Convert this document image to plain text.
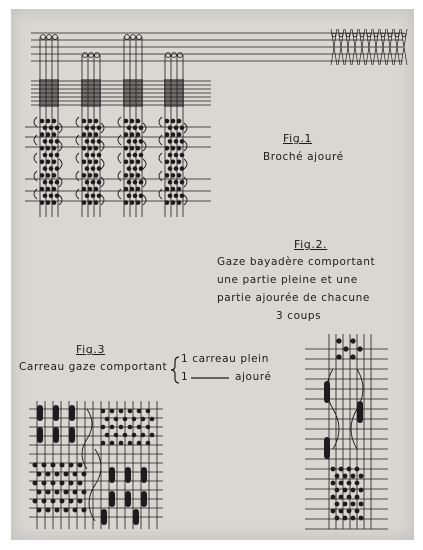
Fig.1
Broché ajouré
Fig.2.
Gaze bayadère comportant
une partie pleine et une
partie ajourée de chacune
3 coups
Fig.3
Carreau gaze comportant
1 carreau plein
1	ajouré
